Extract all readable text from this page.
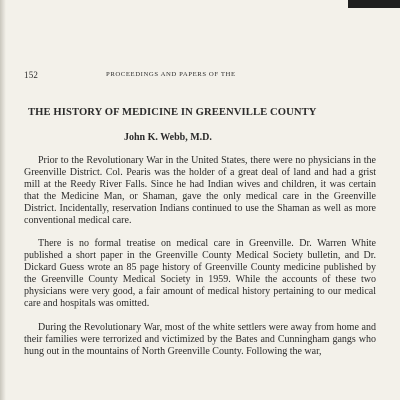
152	PROCEEDINGS AND PAPERS OF THE
THE HISTORY OF MEDICINE IN GREENVILLE COUNTY
John K. Webb, M.D.

Prior to the Revolutionary War in the United States, there were no physicians in the Greenville District. Col. Pearis was the holder of a great deal of land and had a grist mill at the Reedy River Falls. Since he had Indian wives and children, it was certain that the Medicine Man, or Shaman, gave the only medical care in the Greenville District. Incidentally, reservation Indians continued to use the Shaman as well as more conventional medical care.

There is no formal treatise on medical care in Greenville. Dr. Warren White published a short paper in the Greenville County Medical Society bulletin, and Dr. Dickard Guess wrote an 85 page history of Greenville County medicine published by the Greenville County Medical Society in 1959. While the accounts of these two physicians were very good, a fair amount of medical history pertaining to our medical care and hospitals was omitted.

During the Revolutionary War, most of the white settlers were away from home and their families were terrorized and victimized by the Bates and Cunningham gangs who hung out in the mountains of North Greenville County. Following the war,
